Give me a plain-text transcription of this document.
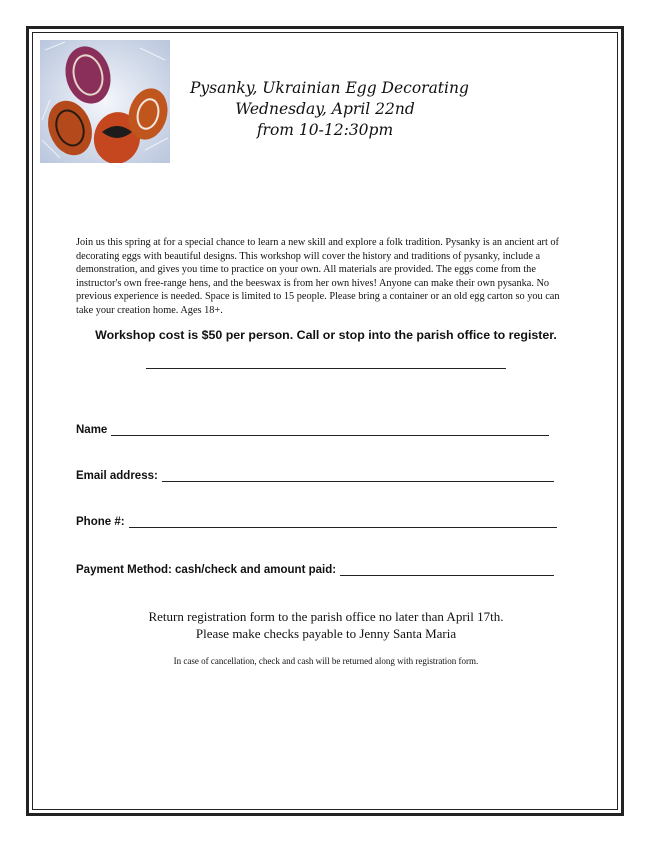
Pysanky, Ukrainian Egg Decorating
Wednesday, April 22nd
from 10-12:30pm
Join us this spring at for a special chance to learn a new skill and explore a folk tradition. Pysanky is an ancient art of decorating eggs with beautiful designs. This workshop will cover the history and traditions of pysanky, include a demonstration, and gives you time to practice on your own. All materials are provided. The eggs come from the instructor's own free-range hens, and the beeswax is from her own hives! Anyone can make their own pysanka. No previous experience is needed. Space is limited to 15 people. Please bring a container or an old egg carton so you can take your creation home. Ages 18+.
Workshop cost is $50 per person. Call or stop into the parish office to register.
Name
Email address:
Phone #:
Payment Method: cash/check and amount paid:
Return registration form to the parish office no later than April 17th.
Please make checks payable to Jenny Santa Maria
In case of cancellation, check and cash will be returned along with registration form.
